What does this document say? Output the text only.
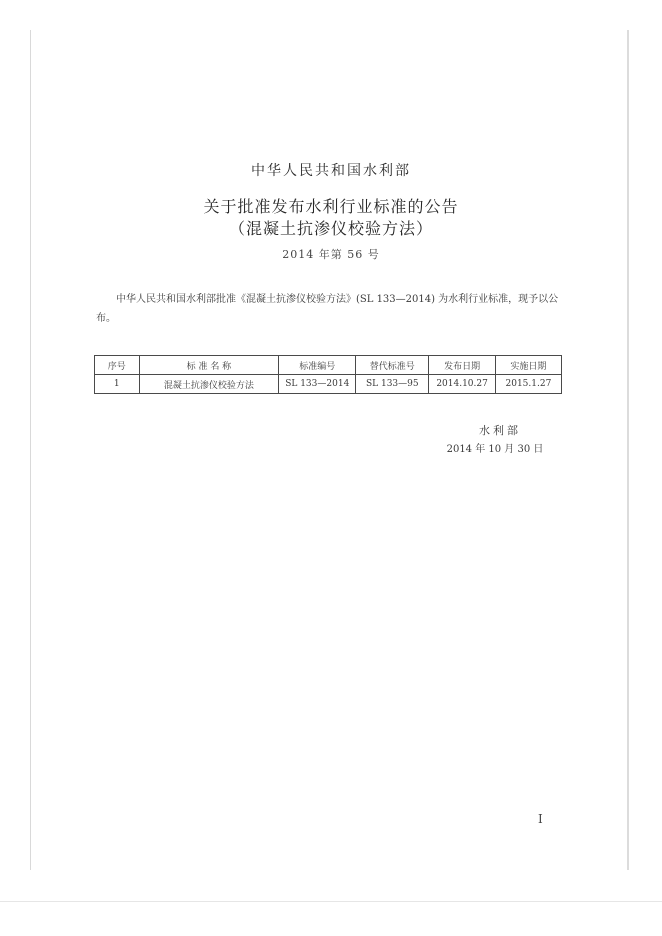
中华人民共和国水利部
关于批准发布水利行业标准的公告
（混凝土抗渗仪校验方法）
2014 年第 56 号
中华人民共和国水利部批准《混凝土抗渗仪校验方法》(SL 133—2014) 为水利行业标准，现予以公布。
序号	标 准 名 称	标准编号	替代标准号	发布日期	实施日期
1	混凝土抗渗仪校验方法	SL 133—2014	SL 133—95	2014.10.27	2015.1.27
水利部
2014 年 10 月 30 日
I
